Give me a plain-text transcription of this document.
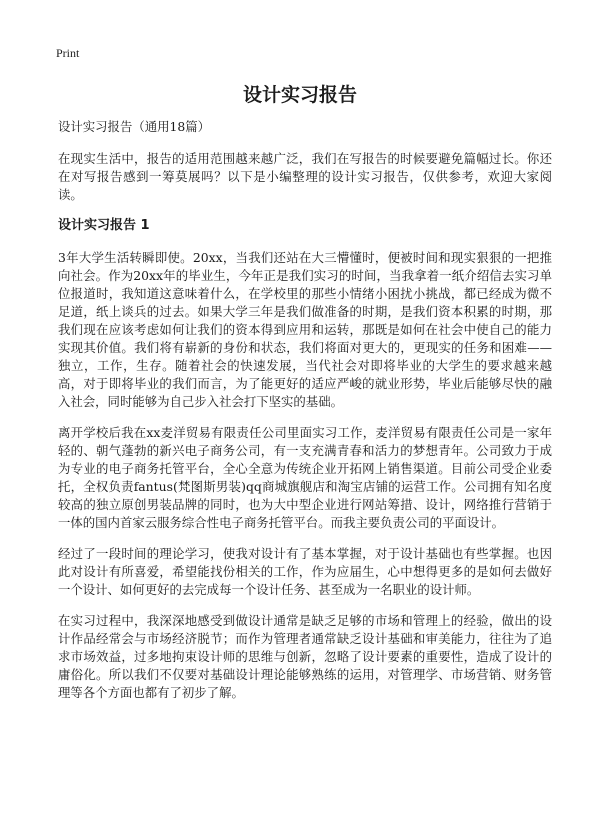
Print
设计实习报告
设计实习报告（通用18篇）

在现实生活中，报告的适用范围越来越广泛，我们在写报告的时候要避免篇幅过长。你还在对写报告感到一筹莫展吗？以下是小编整理的设计实习报告，仅供参考，欢迎大家阅读。

设计实习报告 1

3年大学生活转瞬即使。20xx，当我们还站在大三懵懂时，便被时间和现实狠狠的一把推向社会。作为20xx年的毕业生，今年正是我们实习的时间，当我拿着一纸介绍信去实习单位报道时，我知道这意味着什么，在学校里的那些小情绪小困扰小挑战，都已经成为微不足道，纸上谈兵的过去。如果大学三年是我们做准备的时期，是我们资本积累的时期，那我们现在应该考虑如何让我们的资本得到应用和运转，那既是如何在社会中使自己的能力实现其价值。我们将有崭新的身份和状态，我们将面对更大的，更现实的任务和困难——独立，工作，生存。随着社会的快速发展，当代社会对即将毕业的大学生的要求越来越高，对于即将毕业的我们而言，为了能更好的适应严峻的就业形势，毕业后能够尽快的融入社会，同时能够为自己步入社会打下坚实的基础。

离开学校后我在xx麦洋贸易有限责任公司里面实习工作，麦洋贸易有限责任公司是一家年轻的、朝气蓬勃的新兴电子商务公司，有一支充满青春和活力的梦想青年。公司致力于成为专业的电子商务托管平台，全心全意为传统企业开拓网上销售渠道。目前公司受企业委托，全权负责fantus(梵图斯男装)qq商城旗舰店和淘宝店铺的运营工作。公司拥有知名度较高的独立原创男装品牌的同时，也为大中型企业进行网站筹措、设计，网络推行营销于一体的国内首家云服务综合性电子商务托管平台。而我主要负责公司的平面设计。

经过了一段时间的理论学习，使我对设计有了基本掌握，对于设计基础也有些掌握。也因此对设计有所喜爱，希望能找份相关的工作，作为应届生，心中想得更多的是如何去做好一个设计、如何更好的去完成每一个设计任务、甚至成为一名职业的设计师。

在实习过程中，我深深地感受到做设计通常是缺乏足够的市场和管理上的经验，做出的设计作品经常会与市场经济脱节；而作为管理者通常缺乏设计基础和审美能力，往往为了追求市场效益，过多地拘束设计师的思维与创新，忽略了设计要素的重要性，造成了设计的庸俗化。所以我们不仅要对基础设计理论能够熟练的运用，对管理学、市场营销、财务管理等各个方面也都有了初步了解。
